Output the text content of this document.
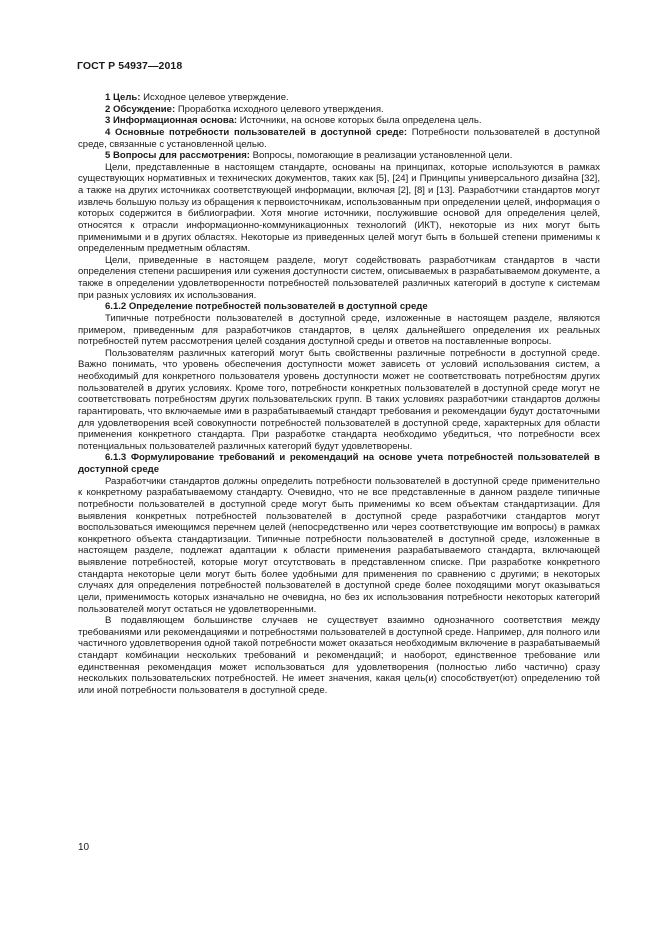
ГОСТ Р 54937—2018

1 Цель: Исходное целевое утверждение.

2 Обсуждение: Проработка исходного целевого утверждения.

3 Информационная основа: Источники, на основе которых была определена цель.

4 Основные потребности пользователей в доступной среде: Потребности пользователей в доступной среде, связанные с установленной целью.

5 Вопросы для рассмотрения: Вопросы, помогающие в реализации установленной цели.

Цели, представленные в настоящем стандарте, основаны на принципах, которые используются в рамках существующих нормативных и технических документов, таких как [5], [24] и Принципы универсального дизайна [32], а также на других источниках соответствующей информации, включая [2], [8] и [13]. Разработчики стандартов могут извлечь большую пользу из обращения к первоисточникам, использованным при определении целей, информация о которых содержится в библиографии. Хотя многие источники, послужившие основой для определения целей, относятся к отрасли информационно-коммуникационных технологий (ИКТ), некоторые из них могут быть применимыми и в других областях. Некоторые из приведенных целей могут быть в большей степени применимы к определенным предметным областям.

Цели, приведенные в настоящем разделе, могут содействовать разработчикам стандартов в части определения степени расширения или сужения доступности систем, описываемых в разрабатываемом документе, а также в определении удовлетворенности потребностей пользователей различных категорий в доступе к системам при разных условиях их использования.

6.1.2 Определение потребностей пользователей в доступной среде

Типичные потребности пользователей в доступной среде, изложенные в настоящем разделе, являются примером, приведенным для разработчиков стандартов, в целях дальнейшего определения их реальных потребностей путем рассмотрения целей создания доступной среды и ответов на поставленные вопросы.

Пользователям различных категорий могут быть свойственны различные потребности в доступной среде. Важно понимать, что уровень обеспечения доступности может зависеть от условий использования систем, а необходимый для конкретного пользователя уровень доступности может не соответствовать потребностям других пользователей в других условиях. Кроме того, потребности конкретных пользователей в доступной среде могут не соответствовать потребностям других пользовательских групп. В таких условиях разработчики стандартов должны гарантировать, что включаемые ими в разрабатываемый стандарт требования и рекомендации будут достаточными для удовлетворения всей совокупности потребностей пользователей в доступной среде, характерных для области применения конкретного стандарта. При разработке стандарта необходимо убедиться, что потребности всех потенциальных пользователей различных категорий будут удовлетворены.

6.1.3 Формулирование требований и рекомендаций на основе учета потребностей пользователей в доступной среде

Разработчики стандартов должны определить потребности пользователей в доступной среде применительно к конкретному разрабатываемому стандарту. Очевидно, что не все представленные в данном разделе типичные потребности пользователей в доступной среде могут быть применимы ко всем объектам стандартизации. Для выявления конкретных потребностей пользователей в доступной среде разработчики стандартов могут воспользоваться имеющимся перечнем целей (непосредственно или через соответствующие им вопросы) в рамках конкретного объекта стандартизации. Типичные потребности пользователей в доступной среде, изложенные в настоящем разделе, подлежат адаптации к области применения разрабатываемого стандарта, включающей выявление потребностей, которые могут отсутствовать в представленном списке. При разработке конкретного стандарта некоторые цели могут быть более удобными для применения по сравнению с другими; в некоторых случаях для определения потребностей пользователей в доступной среде более походящими могут оказываться цели, применимость которых изначально не очевидна, но без их использования потребности некоторых категорий пользователей могут остаться не удовлетворенными.

В подавляющем большинстве случаев не существует взаимно однозначного соответствия между требованиями или рекомендациями и потребностями пользователей в доступной среде. Например, для полного или частичного удовлетворения одной такой потребности может оказаться необходимым включение в разрабатываемый стандарт комбинации нескольких требований и рекомендаций; и наоборот, единственное требование или единственная рекомендация может использоваться для удовлетворения (полностью либо частично) сразу нескольких пользовательских потребностей. Не имеет значения, какая цель(и) способствует(ют) определению той или иной потребности пользователя в доступной среде.

10
